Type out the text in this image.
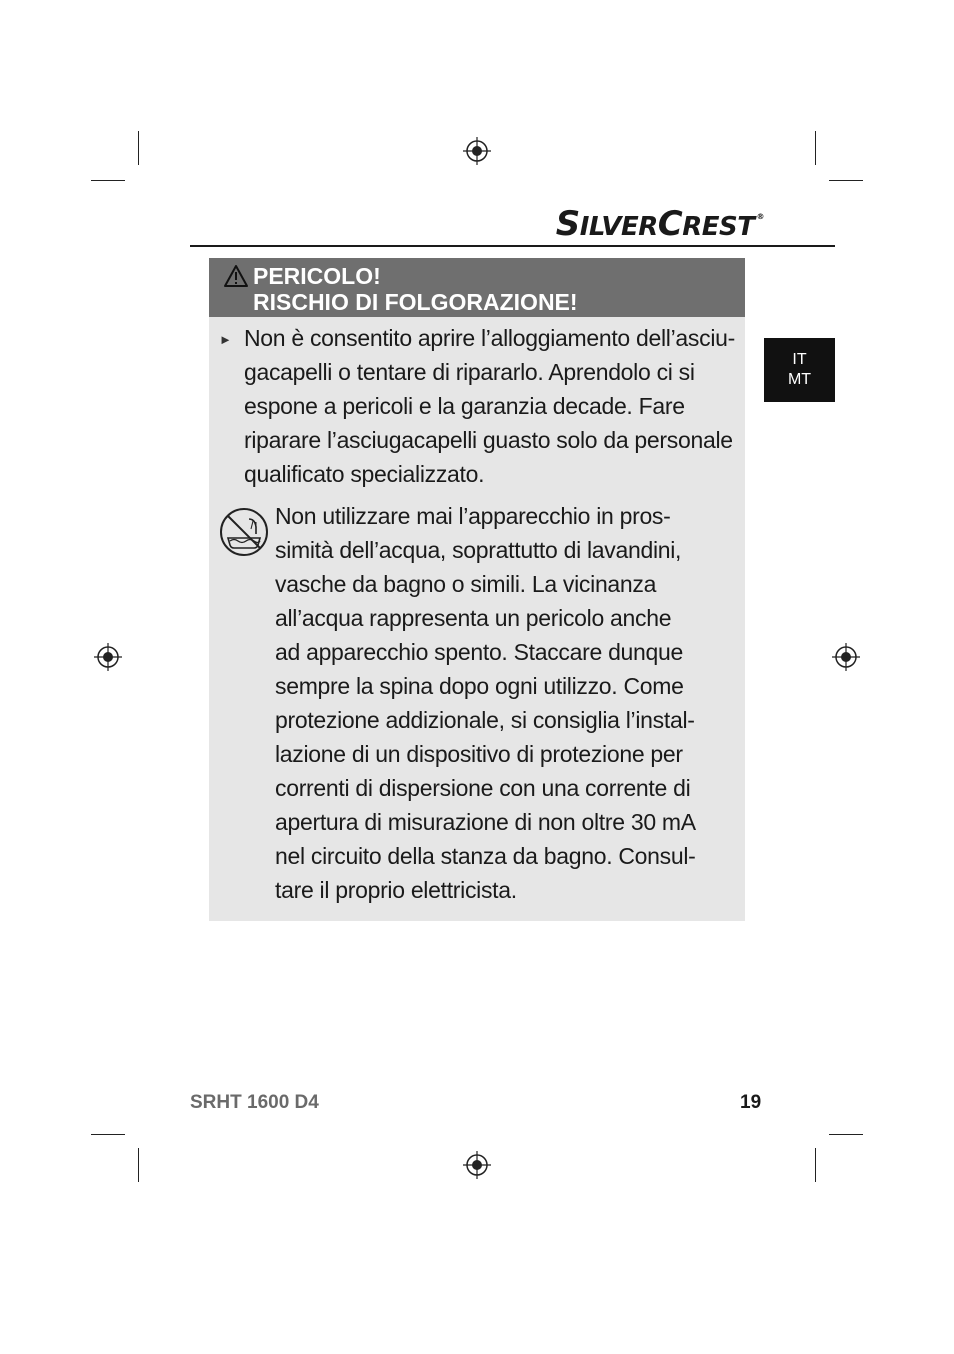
SILVERCREST ®
IT
MT
PERICOLO!
RISCHIO DI FOLGORAZIONE!
► Non è consentito aprire l’alloggiamento dell’asciu-
gacapelli o tentare di ripararlo. Aprendolo ci si
espone a pericoli e la garanzia decade. Fare
riparare l’asciugacapelli guasto solo da personale
qualificato specializzato.
Non utilizzare mai l’apparecchio in pros-
simità dell’acqua, soprattutto di lavandini,
vasche da bagno o simili. La vicinanza
all’acqua rappresenta un pericolo anche
ad apparecchio spento. Staccare dunque
sempre la spina dopo ogni utilizzo. Come
protezione addizionale, si consiglia l’instal-
lazione di un dispositivo di protezione per
correnti di dispersione con una corrente di
apertura di misurazione di non oltre 30 mA
nel circuito della stanza da bagno. Consul-
tare il proprio elettricista.
SRHT 1600 D4	19
